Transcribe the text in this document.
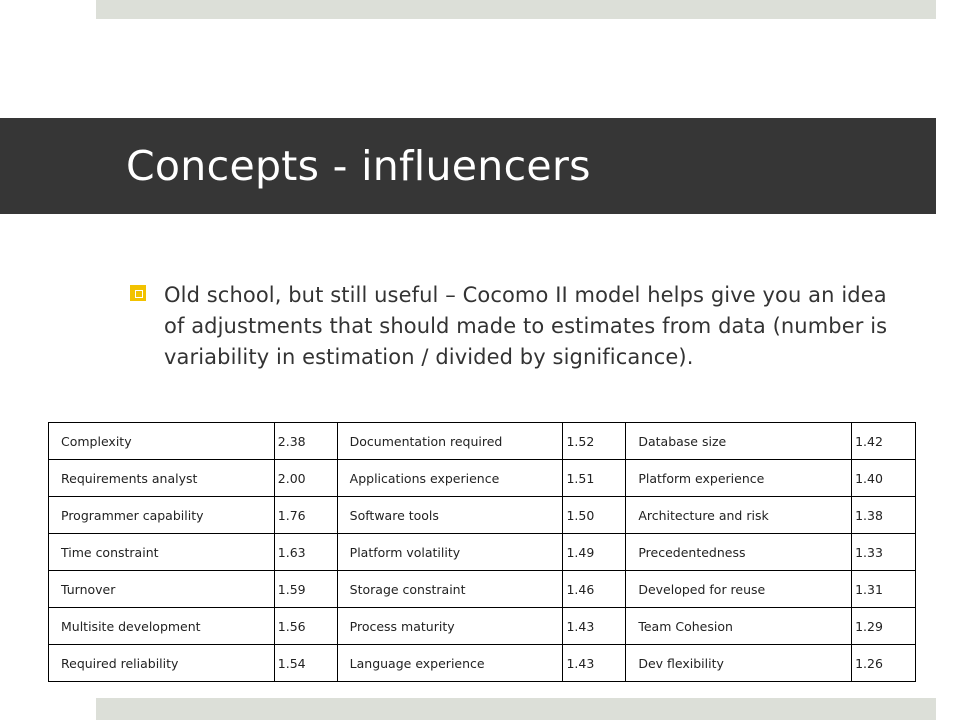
Concepts - influencers
Old school, but still useful – Cocomo II model helps give you an idea of adjustments that should made to estimates from data (number is variability in estimation / divided by significance).
Complexity	2.38	Documentation required	1.52	Database size	1.42
Requirements analyst	2.00	Applications experience	1.51	Platform experience	1.40
Programmer capability	1.76	Software tools	1.50	Architecture and risk	1.38
Time constraint	1.63	Platform volatility	1.49	Precedentedness	1.33
Turnover	1.59	Storage constraint	1.46	Developed for reuse	1.31
Multisite development	1.56	Process maturity	1.43	Team Cohesion	1.29
Required reliability	1.54	Language experience	1.43	Dev flexibility	1.26
